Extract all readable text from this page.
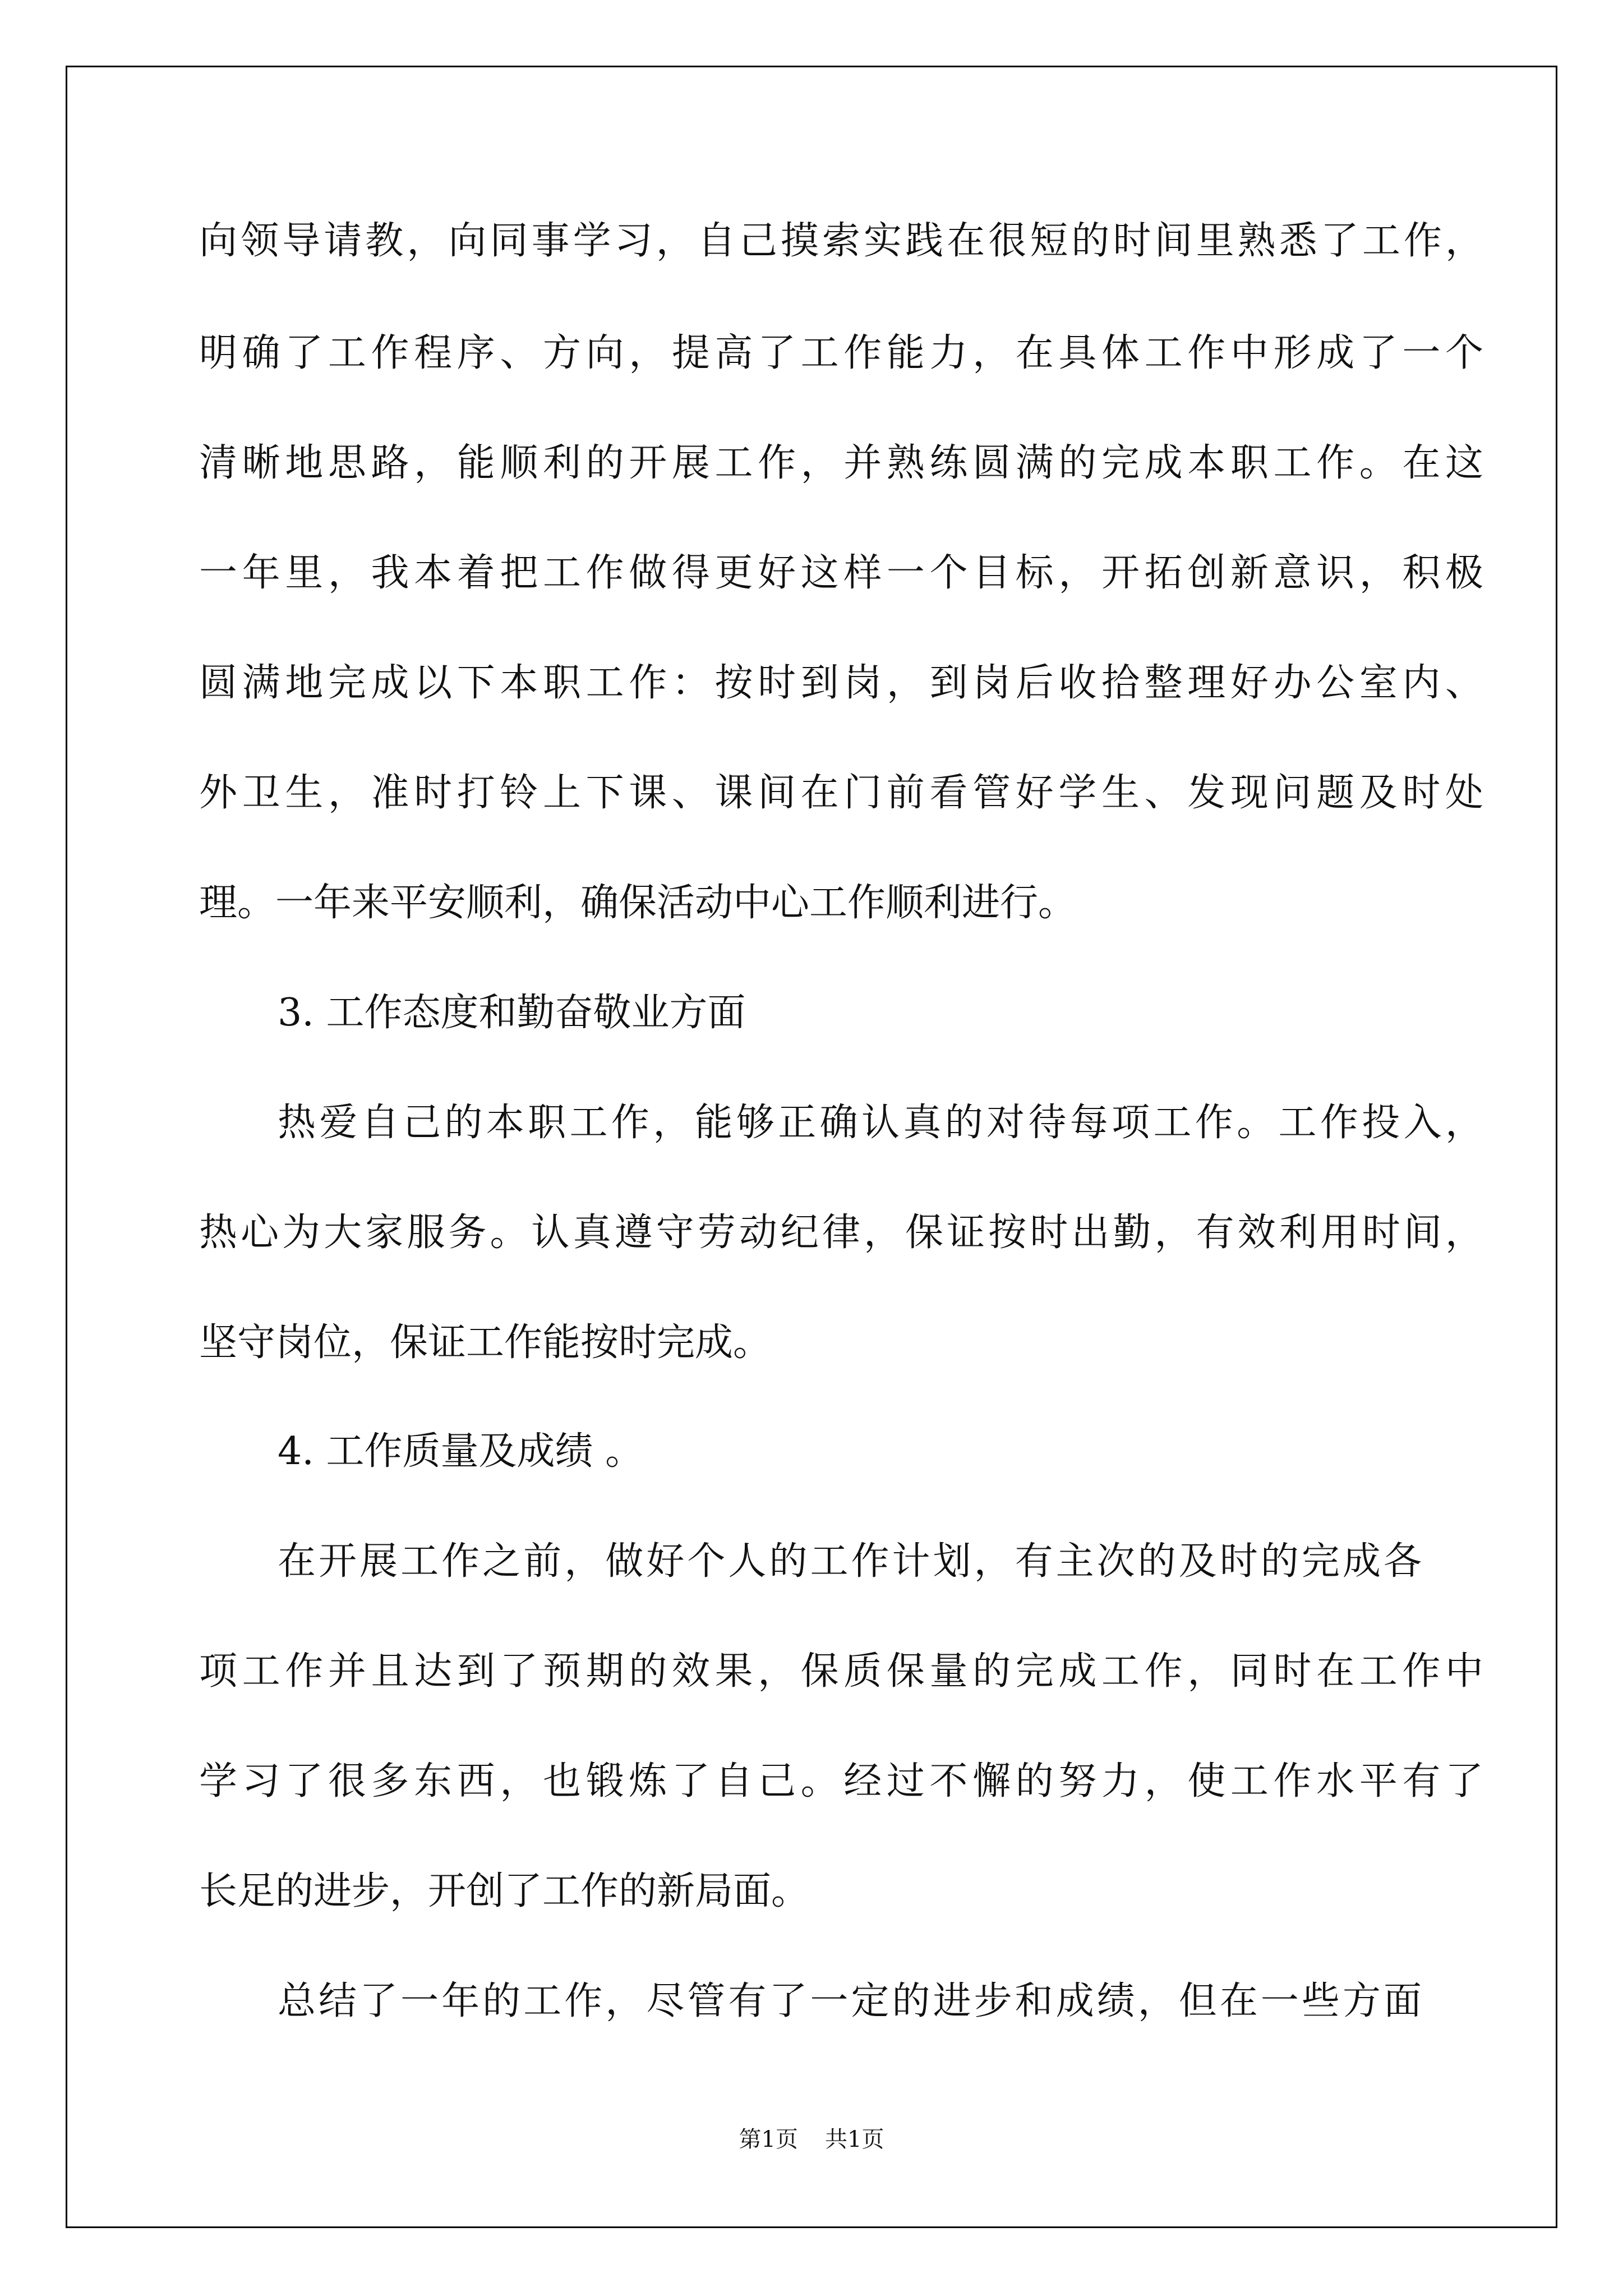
向领导请教，向同事学习，自己摸索实践在很短的时间里熟悉了工作，
明确了工作程序、方向，提高了工作能力，在具体工作中形成了一个
清晰地思路，能顺利的开展工作，并熟练圆满的完成本职工作。在这
一年里，我本着把工作做得更好这样一个目标，开拓创新意识，积极
圆满地完成以下本职工作：按时到岗，到岗后收拾整理好办公室内、
外卫生，准时打铃上下课、课间在门前看管好学生、发现问题及时处
理。一年来平安顺利，确保活动中心工作顺利进行。
3. 工作态度和勤奋敬业方面
热爱自己的本职工作，能够正确认真的对待每项工作。工作投入，
热心为大家服务。认真遵守劳动纪律，保证按时出勤，有效利用时间，
坚守岗位，保证工作能按时完成。
4. 工作质量及成绩 。
在开展工作之前，做好个人的工作计划，有主次的及时的完成各
项工作并且达到了预期的效果，保质保量的完成工作，同时在工作中
学习了很多东西，也锻炼了自己。经过不懈的努力，使工作水平有了
长足的进步，开创了工作的新局面。
总结了一年的工作，尽管有了一定的进步和成绩，但在一些方面
第1页 共1页
